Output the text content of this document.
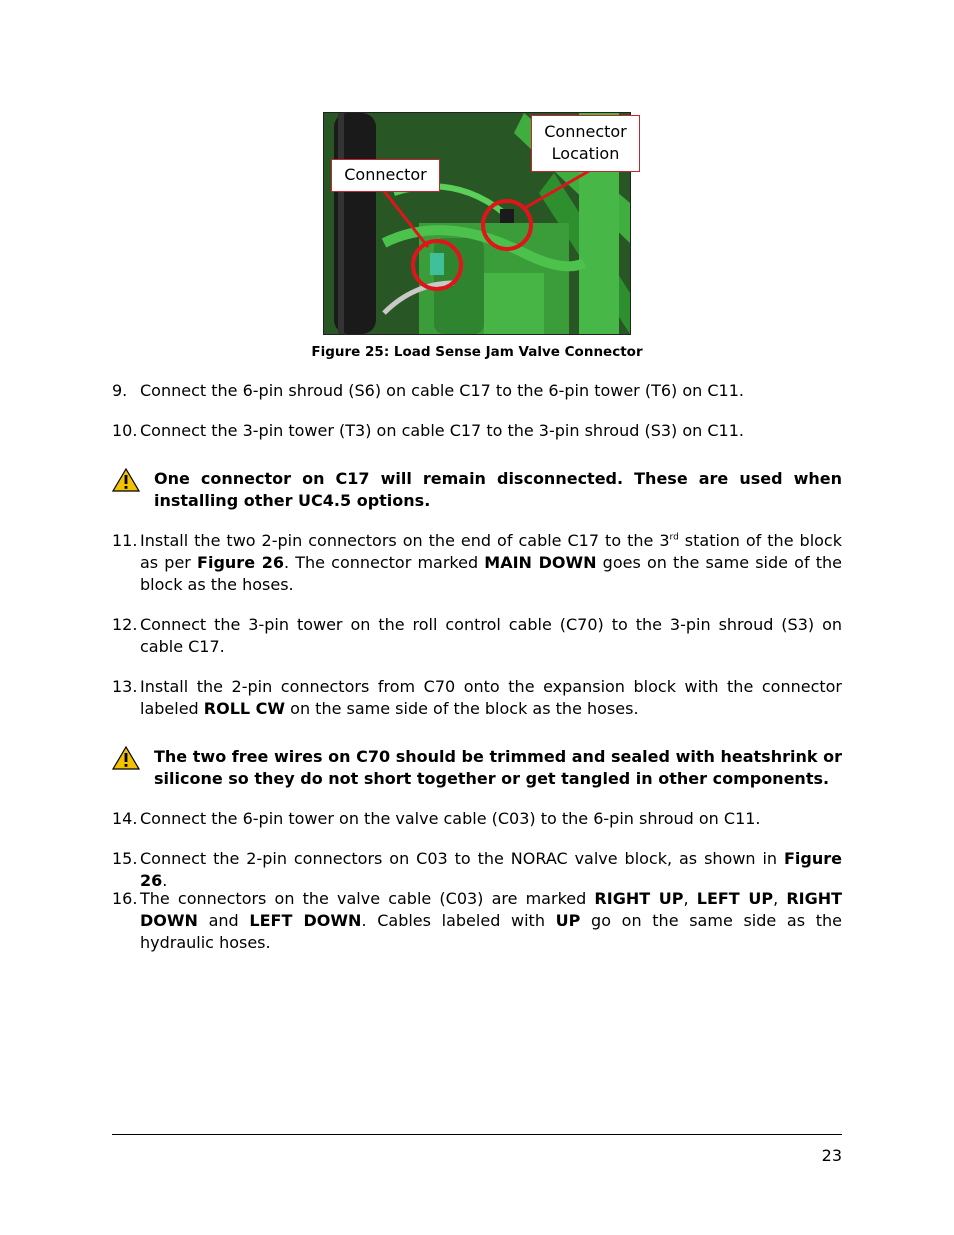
Connector
Connector
Location
Figure 25: Load Sense Jam Valve Connector
9. Connect the 6-pin shroud (S6) on cable C17 to the 6-pin tower (T6) on C11.
10. Connect the 3-pin tower (T3) on cable C17 to the 3-pin shroud (S3) on C11.
One connector on C17 will remain disconnected. These are used when installing other UC4.5 options.
11. Install the two 2-pin connectors on the end of cable C17 to the 3rd station of the block as per Figure 26. The connector marked MAIN DOWN goes on the same side of the block as the hoses.
12. Connect the 3-pin tower on the roll control cable (C70) to the 3-pin shroud (S3) on cable C17.
13. Install the 2-pin connectors from C70 onto the expansion block with the connector labeled ROLL CW on the same side of the block as the hoses.
The two free wires on C70 should be trimmed and sealed with heatshrink or silicone so they do not short together or get tangled in other components.
14. Connect the 6-pin tower on the valve cable (C03) to the 6-pin shroud on C11.
15. Connect the 2-pin connectors on C03 to the NORAC valve block, as shown in Figure 26.
16. The connectors on the valve cable (C03) are marked RIGHT UP, LEFT UP, RIGHT DOWN and LEFT DOWN. Cables labeled with UP go on the same side as the hydraulic hoses.
23
